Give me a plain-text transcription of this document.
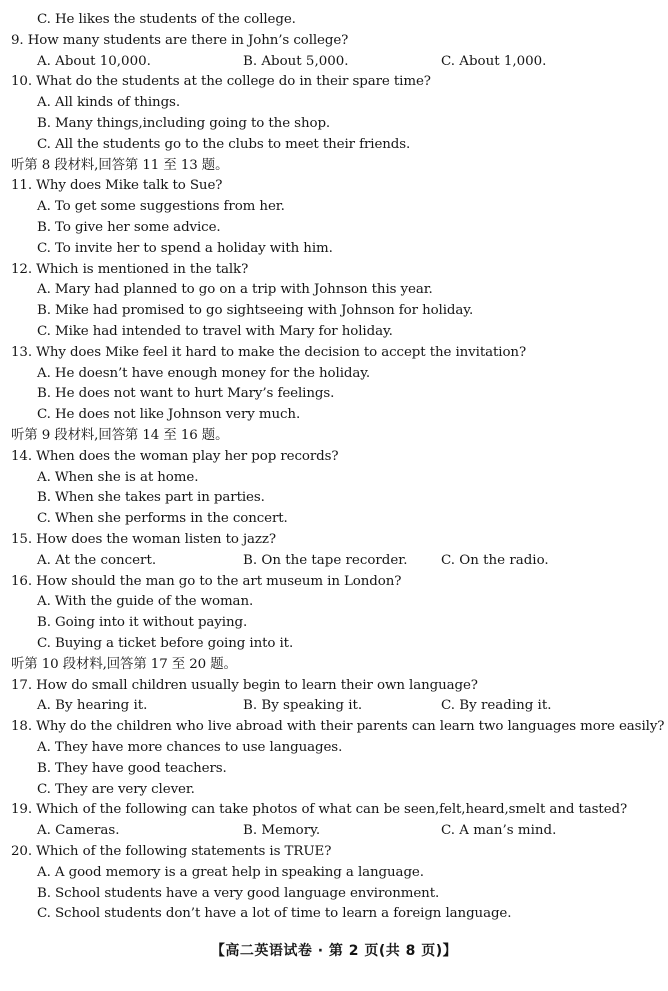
C. He likes the students of the college.
9. How many students are there in John’s college?
A. About 10,000.	B. About 5,000.	C. About 1,000.
10. What do the students at the college do in their spare time?
A. All kinds of things.
B. Many things,including going to the shop.
C. All the students go to the clubs to meet their friends.
听第 8 段材料,回答第 11 至 13 题。
11. Why does Mike talk to Sue?
A. To get some suggestions from her.
B. To give her some advice.
C. To invite her to spend a holiday with him.
12. Which is mentioned in the talk?
A. Mary had planned to go on a trip with Johnson this year.
B. Mike had promised to go sightseeing with Johnson for holiday.
C. Mike had intended to travel with Mary for holiday.
13. Why does Mike feel it hard to make the decision to accept the invitation?
A. He doesn’t have enough money for the holiday.
B. He does not want to hurt Mary’s feelings.
C. He does not like Johnson very much.
听第 9 段材料,回答第 14 至 16 题。
14. When does the woman play her pop records?
A. When she is at home.
B. When she takes part in parties.
C. When she performs in the concert.
15. How does the woman listen to jazz?
A. At the concert.	B. On the tape recorder.	C. On the radio.
16. How should the man go to the art museum in London?
A. With the guide of the woman.
B. Going into it without paying.
C. Buying a ticket before going into it.
听第 10 段材料,回答第 17 至 20 题。
17. How do small children usually begin to learn their own language?
A. By hearing it.	B. By speaking it.	C. By reading it.
18. Why do the children who live abroad with their parents can learn two languages more easily?
A. They have more chances to use languages.
B. They have good teachers.
C. They are very clever.
19. Which of the following can take photos of what can be seen,felt,heard,smelt and tasted?
A. Cameras.	B. Memory.	C. A man’s mind.
20. Which of the following statements is TRUE?
A. A good memory is a great help in speaking a language.
B. School students have a very good language environment.
C. School students don’t have a lot of time to learn a foreign language.
【高二英语试卷 · 第 2 页(共 8 页)】
